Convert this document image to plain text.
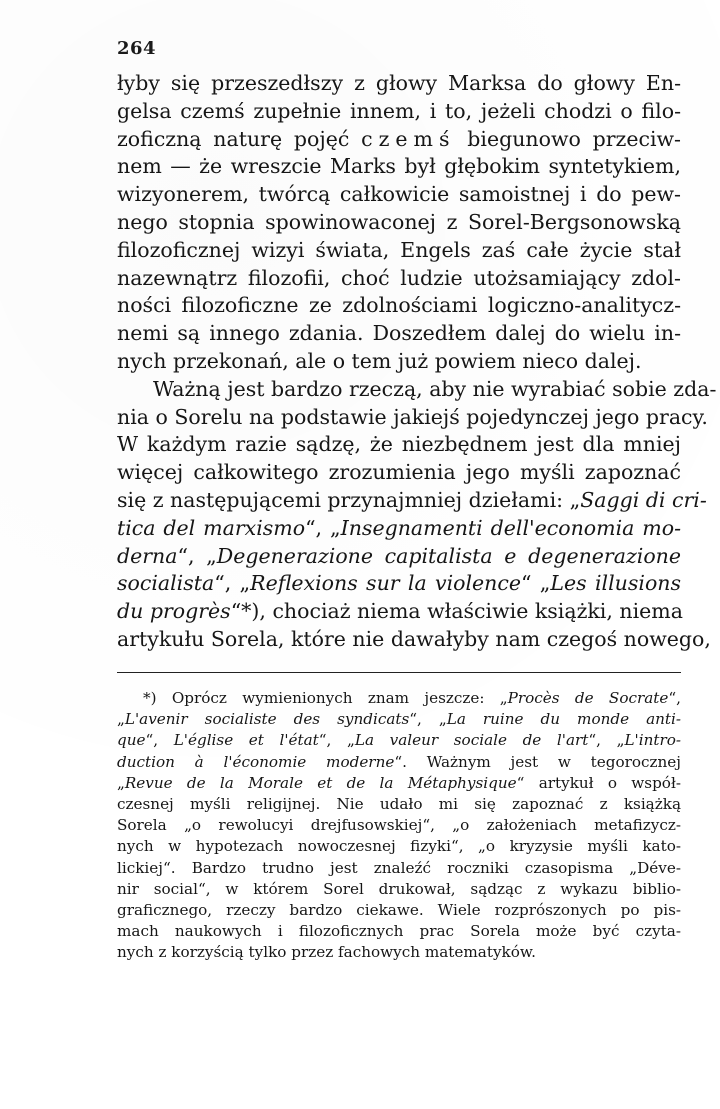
264
łyby się przeszedłszy z głowy Marksa do głowy En-
gelsa czemś zupełnie innem, i to, jeżeli chodzi o filo-
zoficzną naturę pojęć czemś biegunowo przeciw-
nem — że wreszcie Marks był głębokim syntetykiem,
wizyonerem, twórcą całkowicie samoistnej i do pew-
nego stopnia spowinowaconej z Sorel-Bergsonowską
filozoficznej wizyi świata, Engels zaś całe życie stał
nazewnątrz filozofii, choć ludzie utożsamiający zdol-
ności filozoficzne ze zdolnościami logiczno-analitycz-
nemi są innego zdania. Doszedłem dalej do wielu in-
nych przekonań, ale o tem już powiem nieco dalej.
Ważną jest bardzo rzeczą, aby nie wyrabiać sobie zda-
nia o Sorelu na podstawie jakiejś pojedynczej jego pracy.
W każdym razie sądzę, że niezbędnem jest dla mniej
więcej całkowitego zrozumienia jego myśli zapoznać
się z następującemi przynajmniej dziełami: „Saggi di cri-
tica del marxismo“, „Insegnamenti dell'economia mo-
derna“, „Degenerazione capitalista e degenerazione
socialista“, „Reflexions sur la violence“ „Les illusions
du progrès“*), chociaż niema właściwie książki, niema
artykułu Sorela, które nie dawałyby nam czegoś nowego,
*) Oprócz wymienionych znam jeszcze: „Procès de Socrate“,
„L'avenir socialiste des syndicats“, „La ruine du monde anti-
que“, L'église et l'état“, „La valeur sociale de l'art“, „L'intro-
duction à l'économie moderne“. Ważnym jest w tegorocznej
„Revue de la Morale et de la Métaphysique“ artykuł o współ-
czesnej myśli religijnej. Nie udało mi się zapoznać z książką
Sorela „o rewolucyi drejfusowskiej“, „o założeniach metafizycz-
nych w hypotezach nowoczesnej fizyki“, „o kryzysie myśli kato-
lickiej“. Bardzo trudno jest znaleźć roczniki czasopisma „Déve-
nir social“, w którem Sorel drukował, sądząc z wykazu biblio-
graficznego, rzeczy bardzo ciekawe. Wiele rozprószonych po pis-
mach naukowych i filozoficznych prac Sorela może być czyta-
nych z korzyścią tylko przez fachowych matematyków.
